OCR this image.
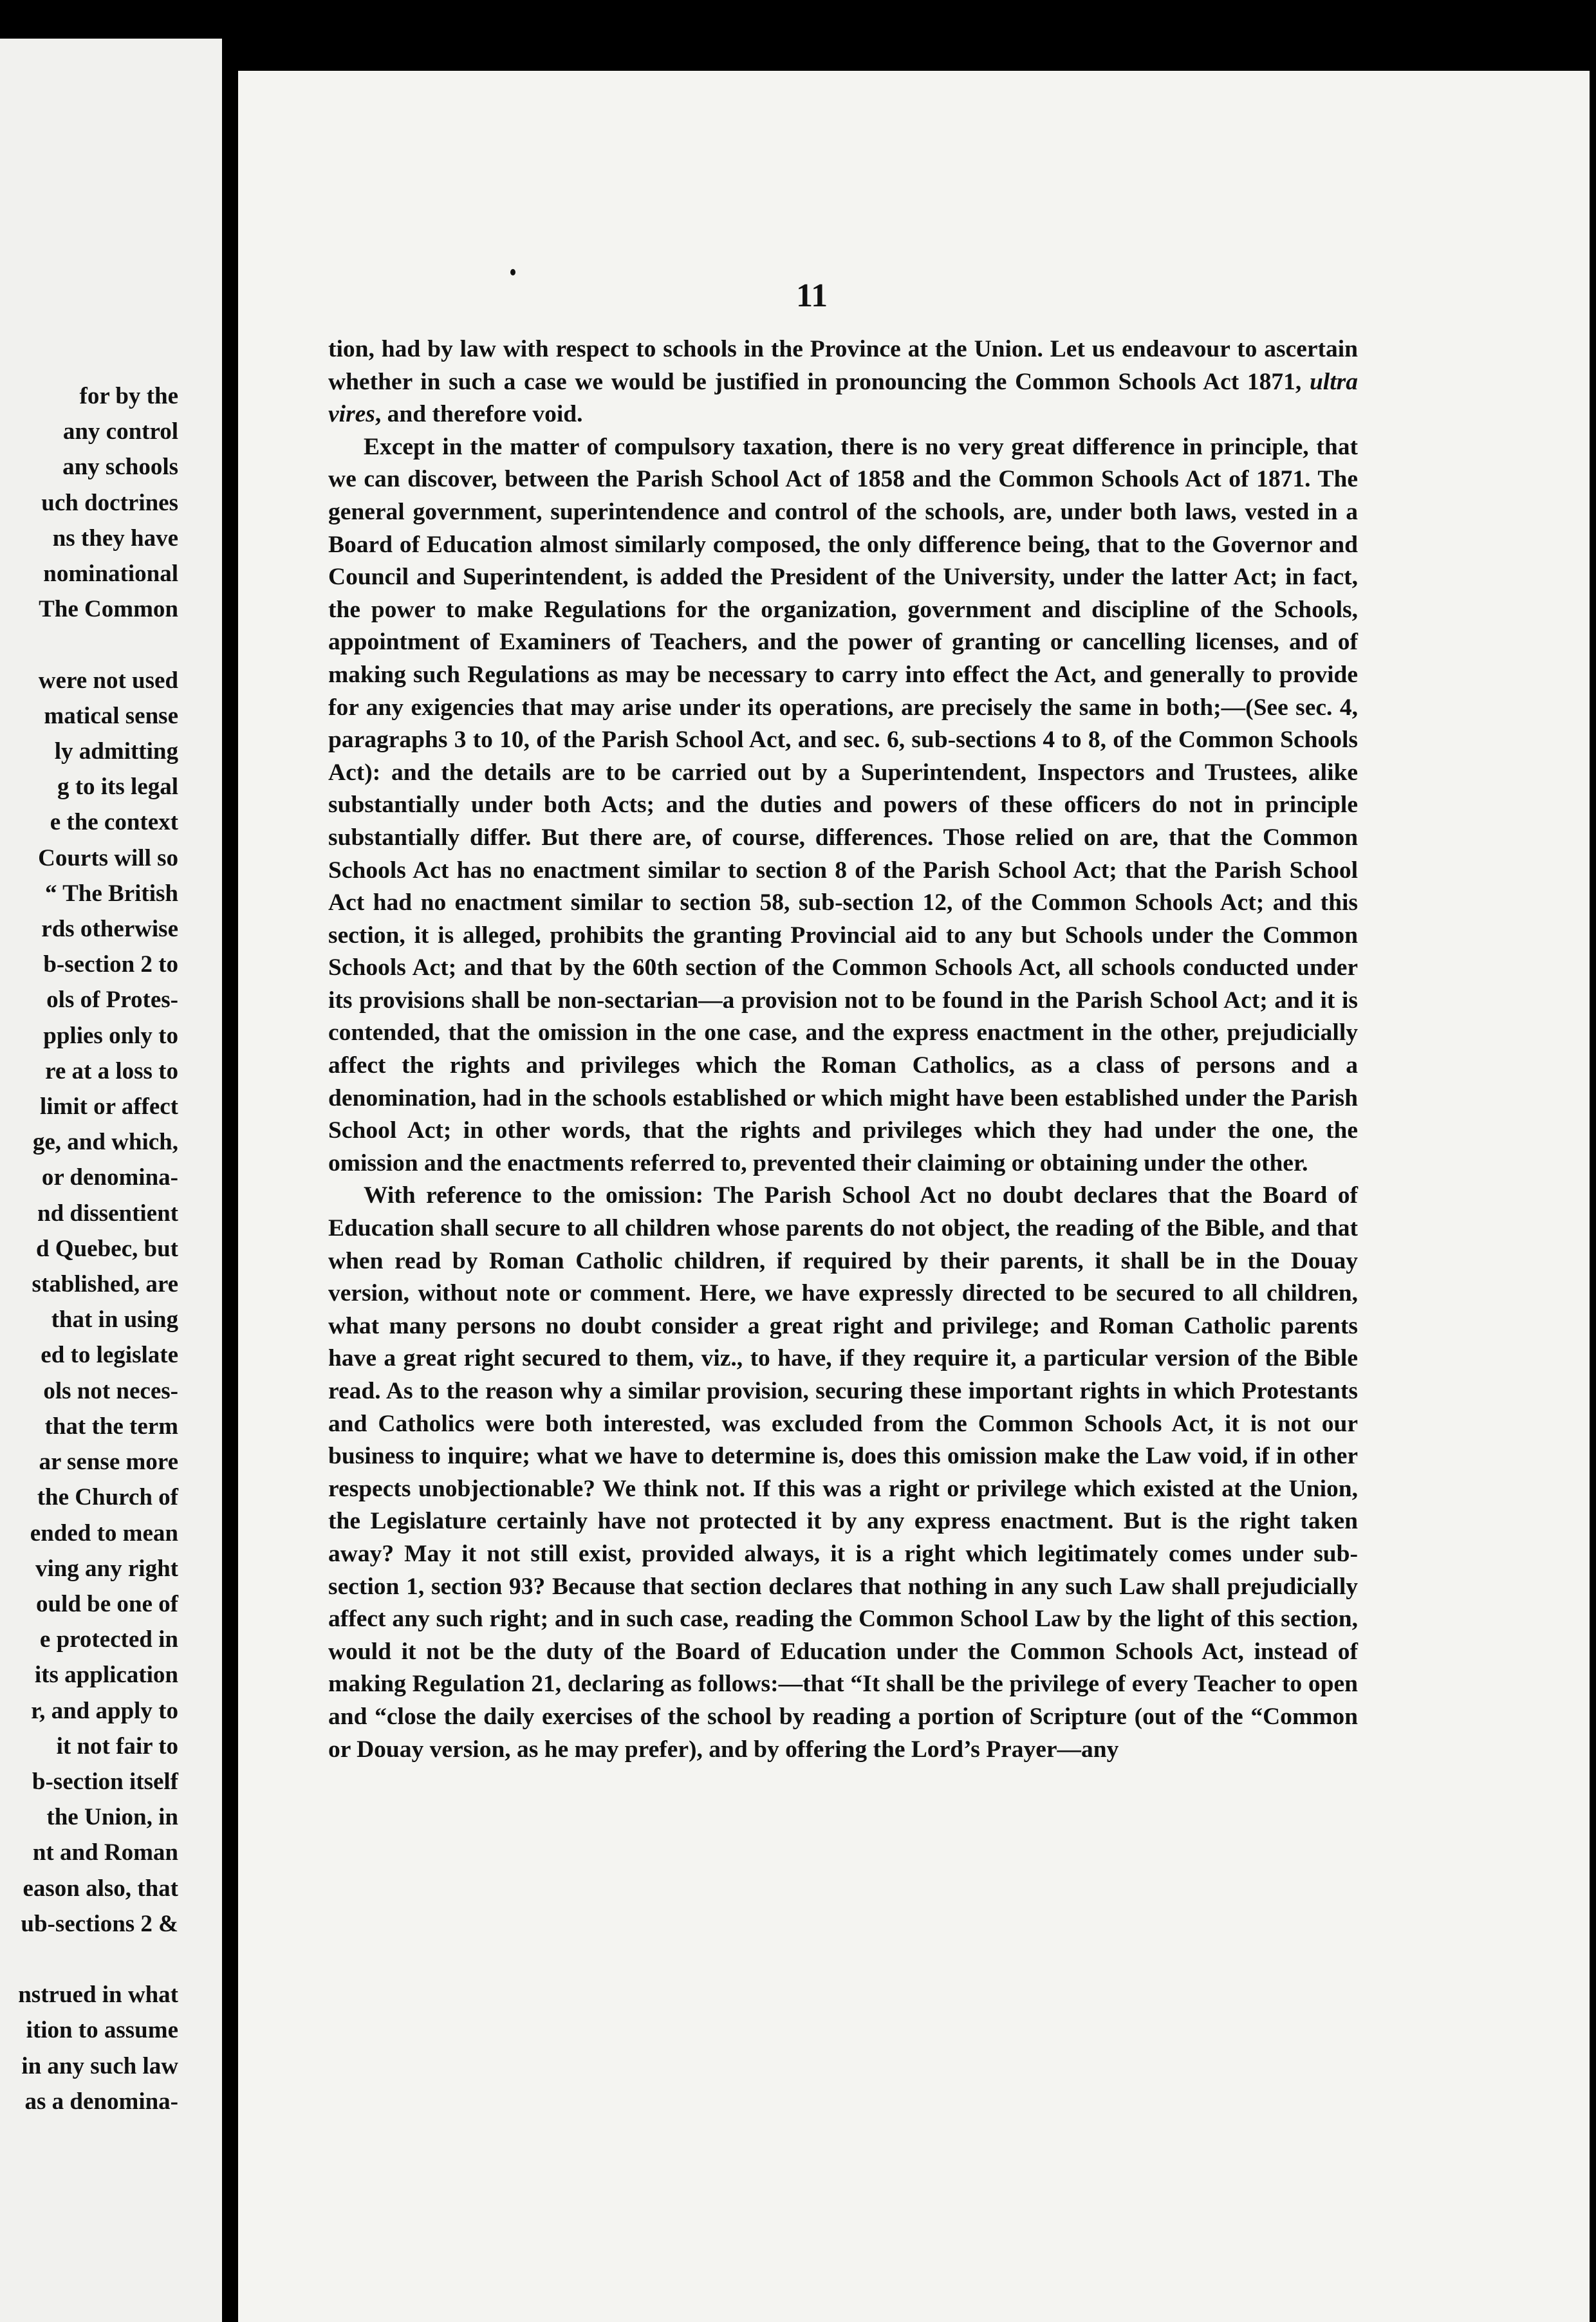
for by the
any control
any schools
uch doctrines
ns they have
nominational
The Common

were not used
matical sense
ly admitting
g to its legal
e the context
Courts will so
“ The British
rds otherwise
b-section 2 to
ols of Protes-
pplies only to
re at a loss to
limit or affect
ge, and which,
or denomina-
nd dissentient
d Quebec, but
stablished, are
that in using
ed to legislate
ols not neces-
that the term
ar sense more
the Church of
ended to mean
ving any right
ould be one of
e protected in
its application
r, and apply to
it not fair to
b-section itself
the Union, in
nt and Roman
eason also, that
ub-sections 2 &

nstrued in what
ition to assume
in any such law
as a denomina-
11

tion, had by law with respect to schools in the Province at the Union. Let us endeavour to ascertain whether in such a case we would be justified in pronouncing the Common Schools Act 1871, ultra vires, and therefore void.

Except in the matter of compulsory taxation, there is no very great difference in principle, that we can discover, between the Parish School Act of 1858 and the Common Schools Act of 1871. The general government, superintendence and control of the schools, are, under both laws, vested in a Board of Education almost similarly composed, the only difference being, that to the Governor and Council and Superintendent, is added the President of the University, under the latter Act; in fact, the power to make Regulations for the organization, government and discipline of the Schools, appointment of Examiners of Teachers, and the power of granting or cancelling licenses, and of making such Regulations as may be necessary to carry into effect the Act, and generally to provide for any exigencies that may arise under its operations, are precisely the same in both;—(See sec. 4, paragraphs 3 to 10, of the Parish School Act, and sec. 6, sub-sections 4 to 8, of the Common Schools Act): and the details are to be carried out by a Superintendent, Inspectors and Trustees, alike substantially under both Acts; and the duties and powers of these officers do not in principle substantially differ. But there are, of course, differences. Those relied on are, that the Common Schools Act has no enactment similar to section 8 of the Parish School Act; that the Parish School Act had no enactment similar to section 58, sub-section 12, of the Common Schools Act; and this section, it is alleged, prohibits the granting Provincial aid to any but Schools under the Common Schools Act; and that by the 60th section of the Common Schools Act, all schools conducted under its provisions shall be non-sectarian—a provision not to be found in the Parish School Act; and it is contended, that the omission in the one case, and the express enactment in the other, prejudicially affect the rights and privileges which the Roman Catholics, as a class of persons and a denomination, had in the schools established or which might have been established under the Parish School Act; in other words, that the rights and privileges which they had under the one, the omission and the enactments referred to, prevented their claiming or obtaining under the other.

With reference to the omission: The Parish School Act no doubt declares that the Board of Education shall secure to all children whose parents do not object, the reading of the Bible, and that when read by Roman Catholic children, if required by their parents, it shall be in the Douay version, without note or comment. Here, we have expressly directed to be secured to all children, what many persons no doubt consider a great right and privilege; and Roman Catholic parents have a great right secured to them, viz., to have, if they require it, a particular version of the Bible read. As to the reason why a similar provision, securing these important rights in which Protestants and Catholics were both interested, was excluded from the Common Schools Act, it is not our business to inquire; what we have to determine is, does this omission make the Law void, if in other respects unobjectionable? We think not. If this was a right or privilege which existed at the Union, the Legislature certainly have not protected it by any express enactment. But is the right taken away? May it not still exist, provided always, it is a right which legitimately comes under sub-section 1, section 93? Because that section declares that nothing in any such Law shall prejudicially affect any such right; and in such case, reading the Common School Law by the light of this section, would it not be the duty of the Board of Education under the Common Schools Act, instead of making Regulation 21, declaring as follows:—that “It shall be the privilege of every Teacher to open and “close the daily exercises of the school by reading a portion of Scripture (out of the “Common or Douay version, as he may prefer), and by offering the Lord’s Prayer—any
